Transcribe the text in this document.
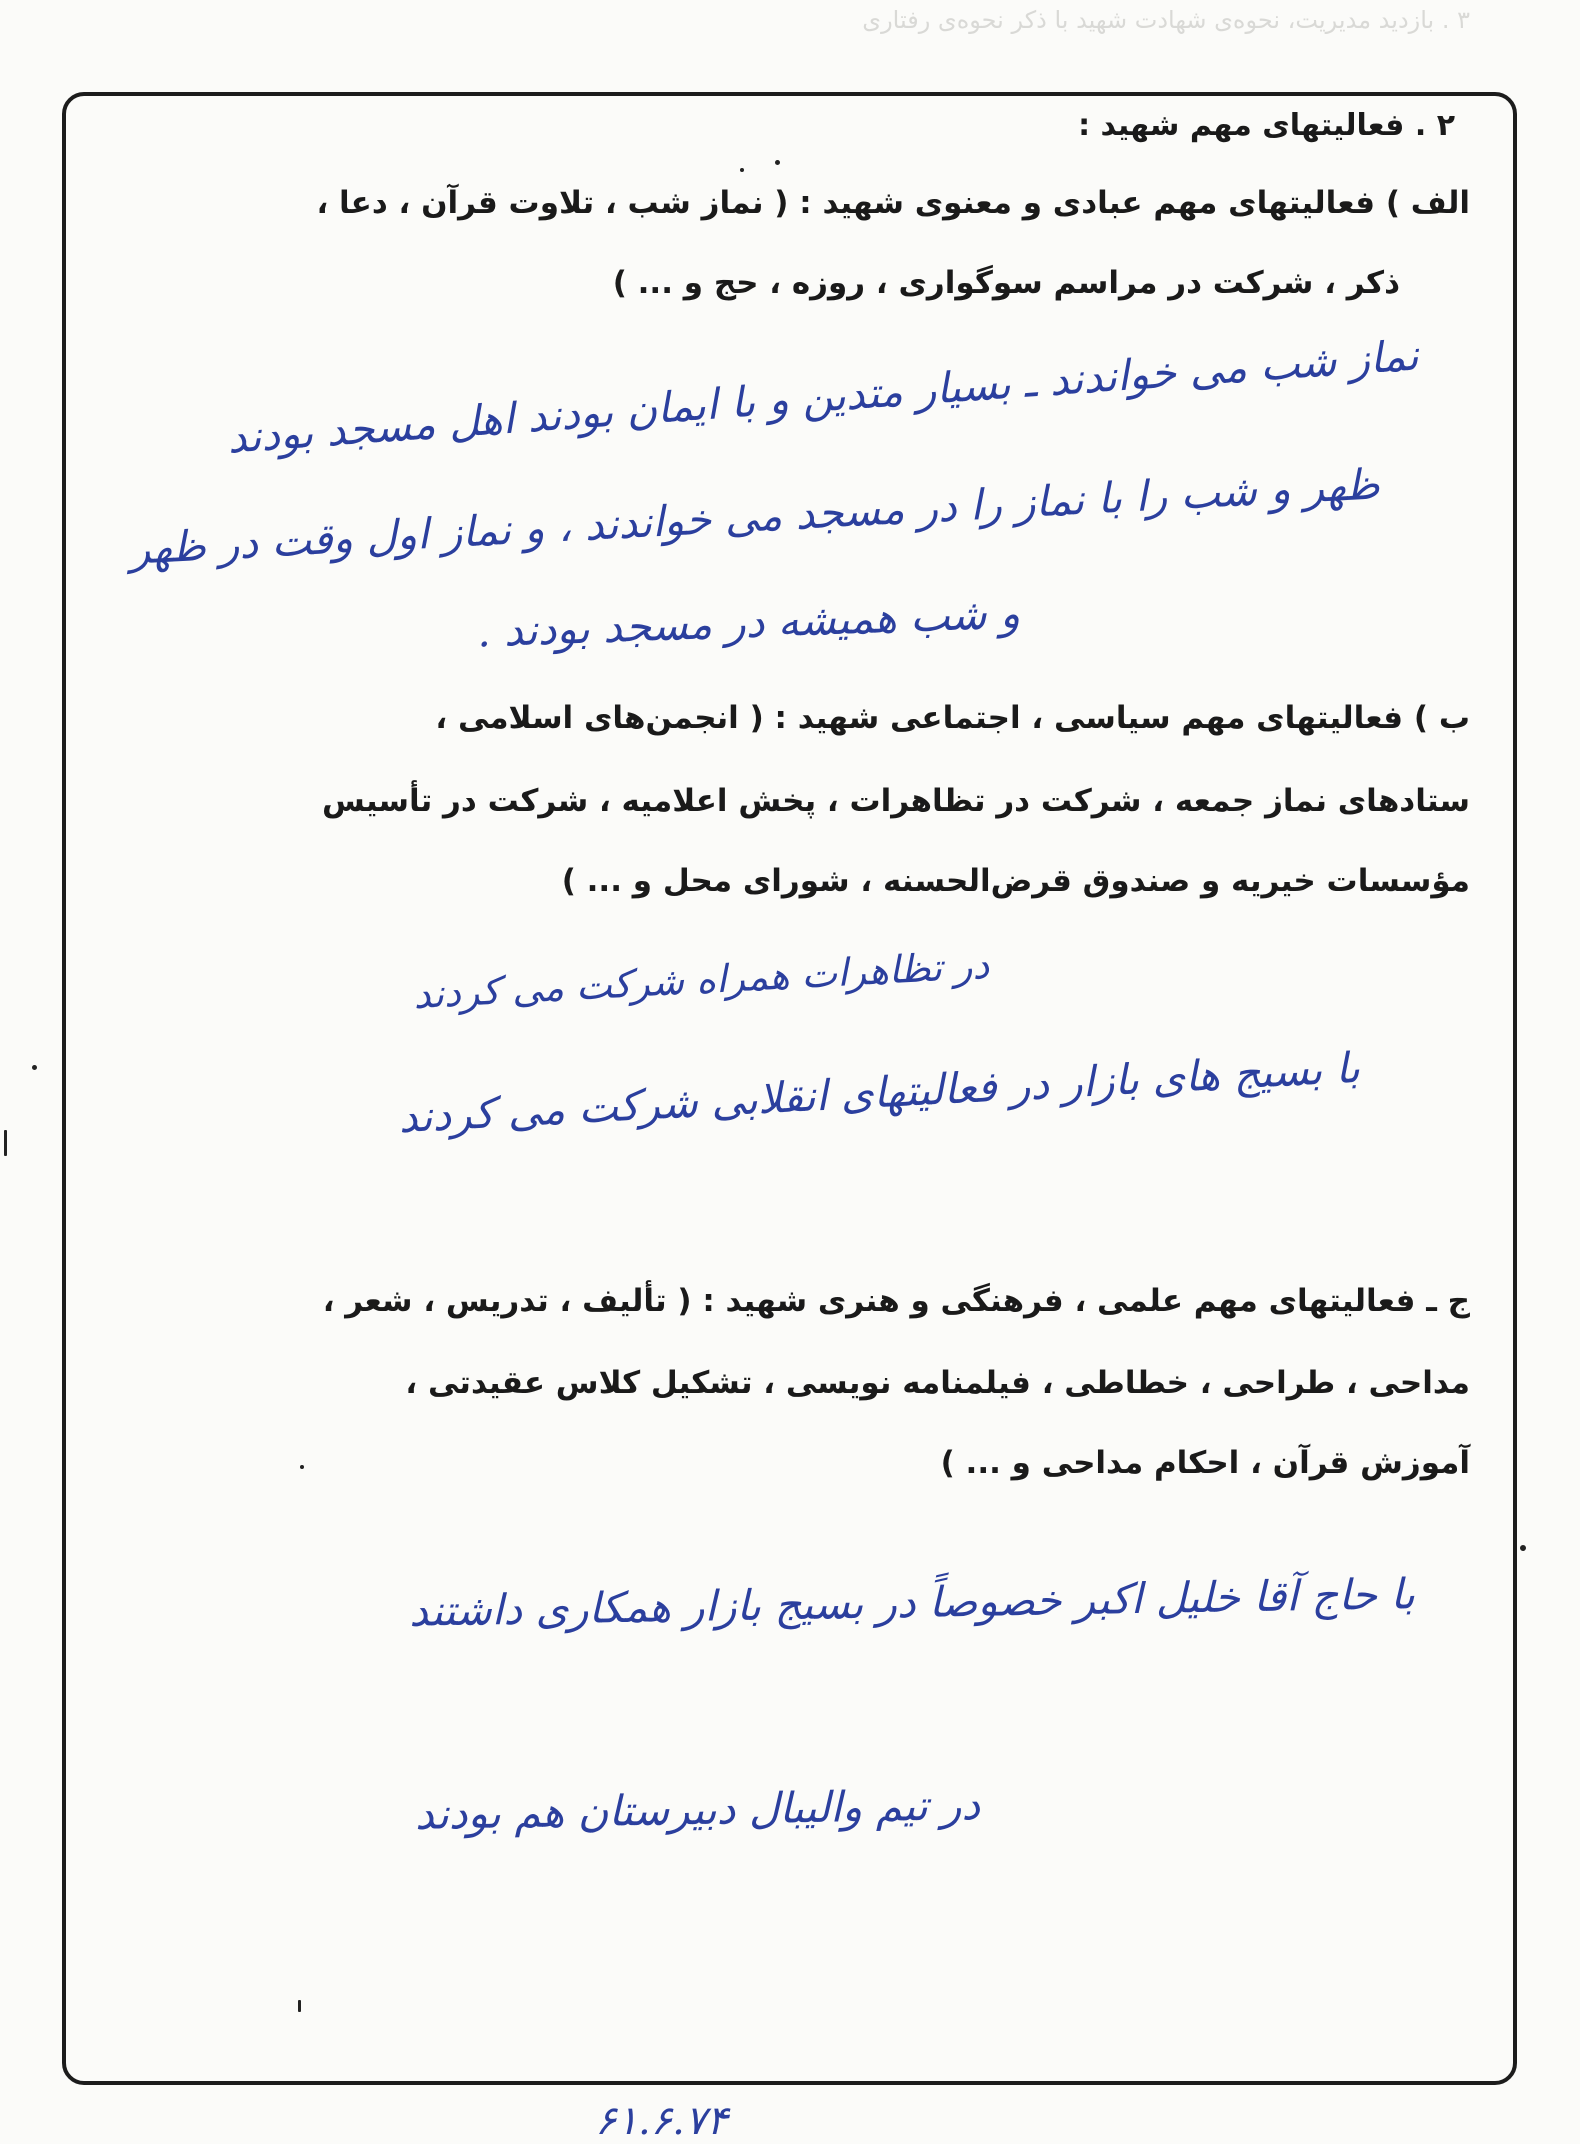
۳ . بازدید مدیریت، نحوه‌ی شهادت شهید با ذکر نحوه‌ی رفتاری
۲ . فعالیتهای مهم شهید :
الف ) فعالیتهای مهم عبادی و معنوی شهید : ( نماز شب ، تلاوت قرآن ، دعا ،
ذکر ، شرکت در مراسم سوگواری ، روزه ، حج و ... )
نماز شب می خواندند ـ بسیار متدین و با ایمان بودند اهل مسجد بودند
ظهر و شب را با نماز را در مسجد می خواندند ، و نماز اول وقت در ظهر
و شب همیشه در مسجد بودند .
ب ) فعالیتهای مهم سیاسی ، اجتماعی شهید : ( انجمن‌های اسلامی ،
ستادهای نماز جمعه ، شرکت در تظاهرات ، پخش اعلامیه ، شرکت در تأسیس
مؤسسات خیریه و صندوق قرض‌الحسنه ، شورای محل و ... )
در تظاهرات همراه شرکت می کردند
با بسیج های بازار در فعالیتهای انقلابی شرکت می کردند
ج ـ فعالیتهای مهم علمی ، فرهنگی و هنری شهید : ( تألیف ، تدریس ، شعر ،
مداحی ، طراحی ، خطاطی ، فیلمنامه نویسی ، تشکیل کلاس عقیدتی ،
آموزش قرآن ، احکام مداحی و ... )
با حاج آقا خلیل اکبر خصوصاً در بسیج بازار همکاری داشتند
در تیم والیبال دبیرستان هم بودند
۶۱.۶.۷۴
